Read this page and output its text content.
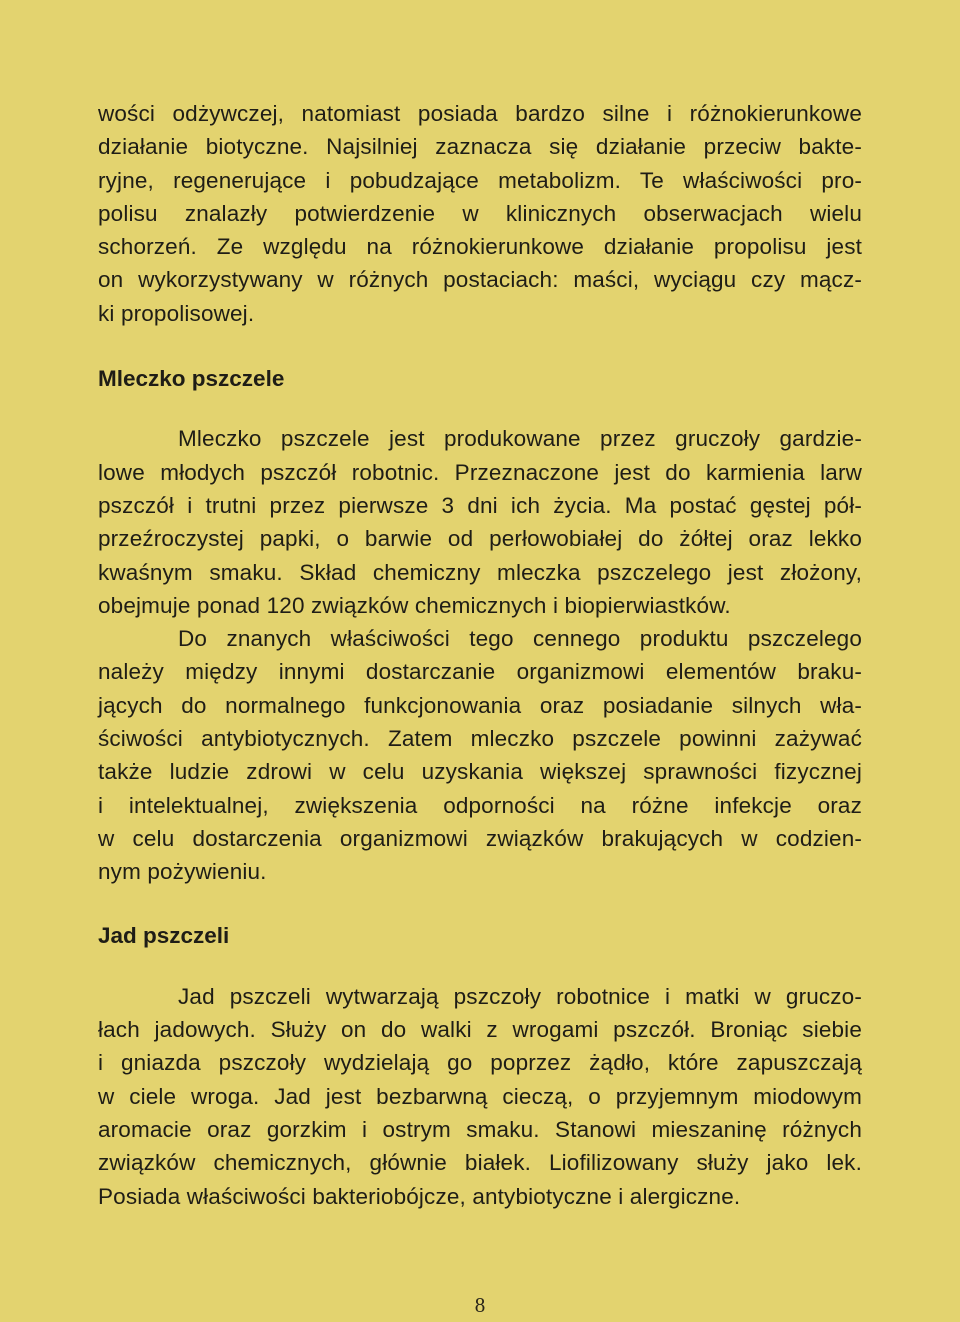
wości odżywczej, natomiast posiada bardzo silne i różnokierunkowe
działanie biotyczne. Najsilniej zaznacza się działanie przeciw bakte-
ryjne, regenerujące i pobudzające metabolizm. Te właściwości pro-
polisu znalazły potwierdzenie w klinicznych obserwacjach wielu
schorzeń. Ze względu na różnokierunkowe działanie propolisu jest
on wykorzystywany w różnych postaciach: maści, wyciągu czy mącz-
ki propolisowej.
Mleczko pszczele
Mleczko pszczele jest produkowane przez gruczoły gardzie-
lowe młodych pszczół robotnic. Przeznaczone jest do karmienia larw
pszczół i trutni przez pierwsze 3 dni ich życia. Ma postać gęstej pół-
przeźroczystej papki, o barwie od perłowobiałej do żółtej oraz lekko
kwaśnym smaku. Skład chemiczny mleczka pszczelego jest złożony,
obejmuje ponad 120 związków chemicznych i biopierwiastków.
Do znanych właściwości tego cennego produktu pszczelego
należy między innymi dostarczanie organizmowi elementów braku-
jących do normalnego funkcjonowania oraz posiadanie silnych wła-
ściwości antybiotycznych. Zatem mleczko pszczele powinni zażywać
także ludzie zdrowi w celu uzyskania większej sprawności fizycznej
i intelektualnej, zwiększenia odporności na różne infekcje oraz
w celu dostarczenia organizmowi związków brakujących w codzien-
nym pożywieniu.
Jad pszczeli
Jad pszczeli wytwarzają pszczoły robotnice i matki w gruczo-
łach jadowych. Służy on do walki z wrogami pszczół. Broniąc siebie
i gniazda pszczoły wydzielają go poprzez żądło, które zapuszczają
w ciele wroga. Jad jest bezbarwną cieczą, o przyjemnym miodowym
aromacie oraz gorzkim i ostrym smaku. Stanowi mieszaninę różnych
związków chemicznych, głównie białek. Liofilizowany służy jako lek.
Posiada właściwości bakteriobójcze, antybiotyczne i alergiczne.
8
